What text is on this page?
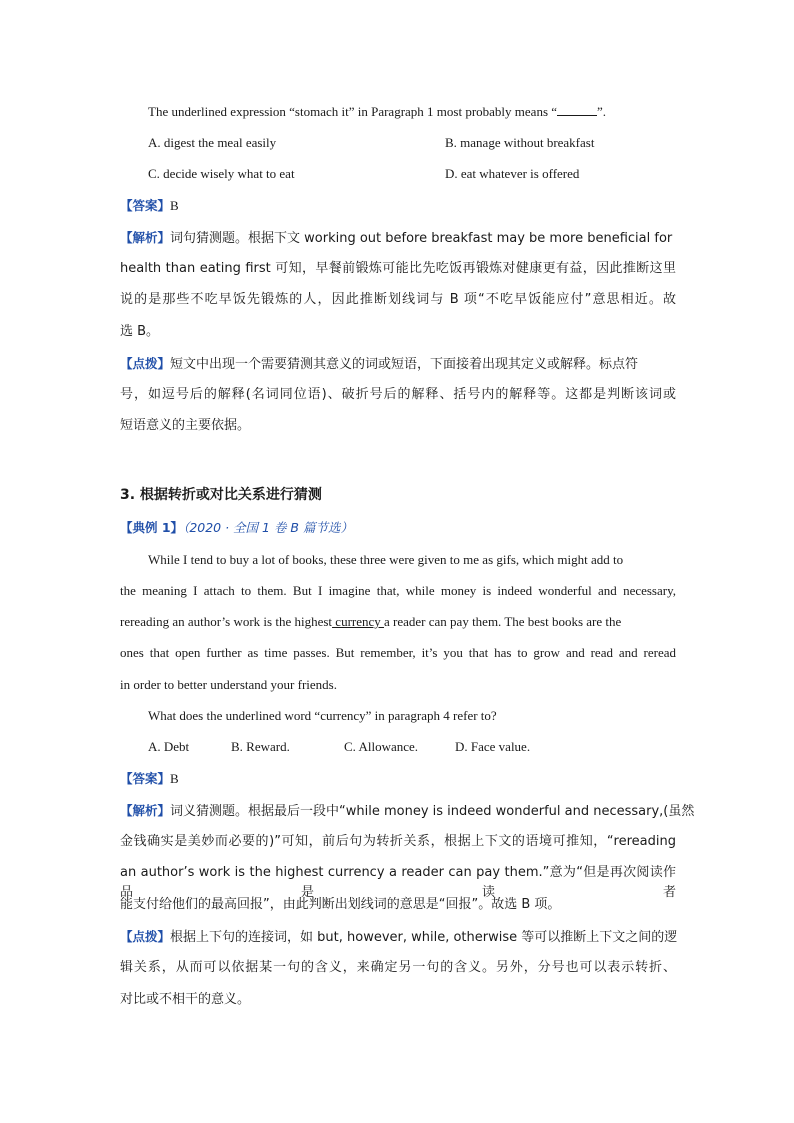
The underlined expression “stomach it” in Paragraph 1 most probably means “	”.
A. digest the meal easily	B. manage without breakfast
C. decide wisely what to eat	D. eat whatever is offered
【答案】B
【解析】词句猜测题。根据下文 working out before breakfast may be more beneficial for
health than eating first 可知，早餐前锻炼可能比先吃饭再锻炼对健康更有益，因此推断这里
说的是那些不吃早饭先锻炼的人，因此推断划线词与 B 项“不吃早饭能应付”意思相近。故
选 B。
【点拨】短文中出现一个需要猜测其意义的词或短语，下面接着出现其定义或解释。标点符
号，如逗号后的解释(名词同位语)、破折号后的解释、括号内的解释等。这都是判断该词或
短语意义的主要依据。
3. 根据转折或对比关系进行猜测
【典例 1】（2020 · 全国 1 卷 B 篇节选）
While I tend to buy a lot of books, these three were given to me as gifs, which might add to
the meaning I attach to them. But I imagine that, while money is indeed wonderful and necessary,
rereading an author’s work is the highest currency a reader can pay them. The best books are the
ones that open further as time passes. But remember, it’s you that has to grow and read and reread
in order to better understand your friends.
What does the underlined word “currency” in paragraph 4 refer to?
A. Debt	B. Reward.	C. Allowance.	D. Face value.
【答案】B
【解析】词义猜测题。根据最后一段中“while money is indeed wonderful and necessary,(虽然
金钱确实是美妙而必要的)”可知，前后句为转折关系，根据上下文的语境可推知，“rereading
an author’s work is the highest currency a reader can pay them.”意为“但是再次阅读作品是读者
能支付给他们的最高回报”，由此判断出划线词的意思是“回报”。故选 B 项。
【点拨】根据上下句的连接词，如 but, however, while, otherwise 等可以推断上下文之间的逻
辑关系，从而可以依据某一句的含义，来确定另一句的含义。另外，分号也可以表示转折、
对比或不相干的意义。
